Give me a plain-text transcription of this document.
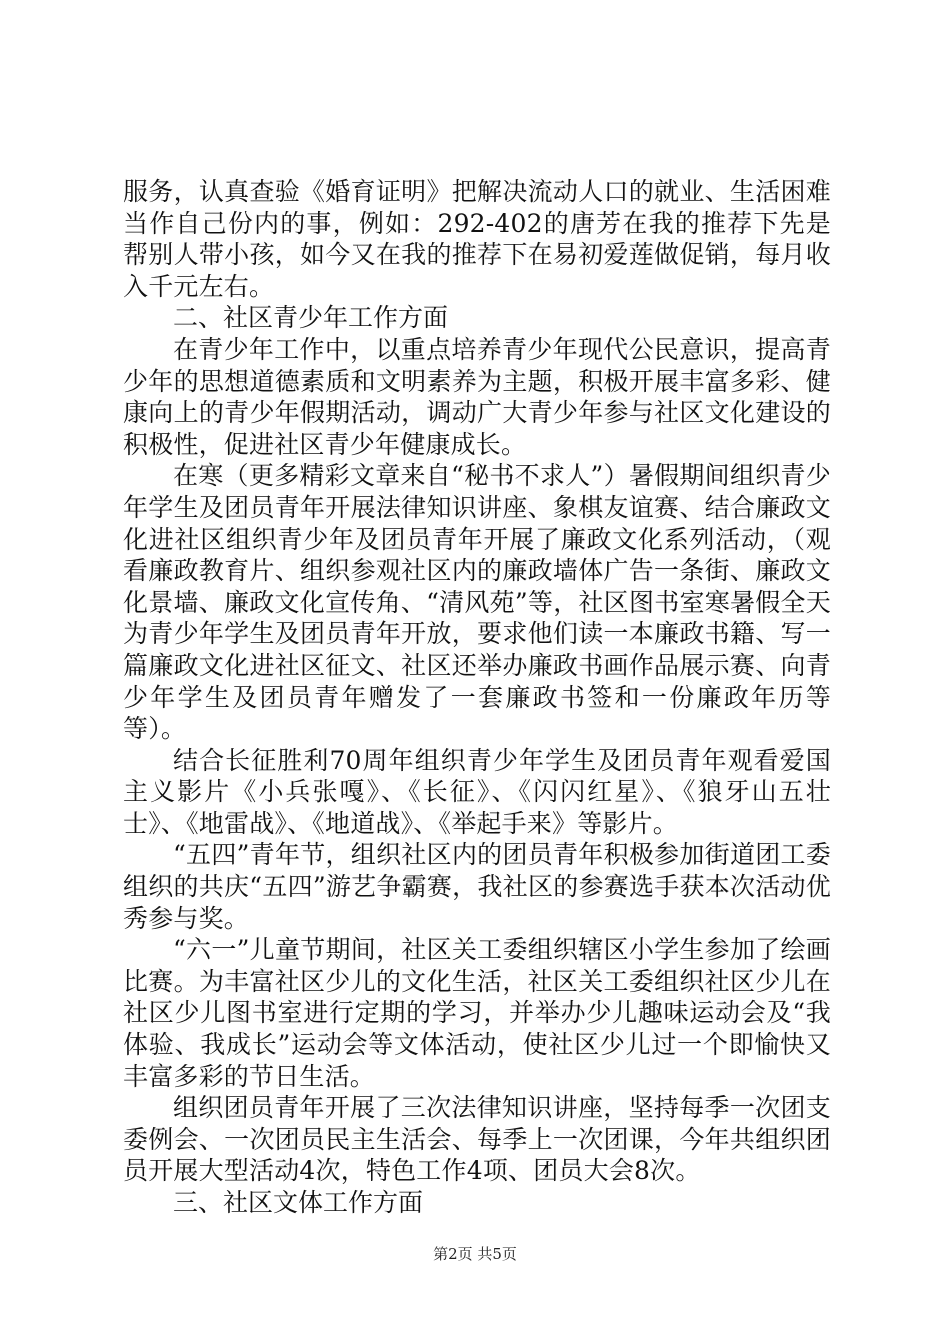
服务，认真查验《婚育证明》把解决流动人口的就业、生活困难当作自己份内的事，例如：292-402的唐芳在我的推荐下先是帮别人带小孩，如今又在我的推荐下在易初爱莲做促销，每月收入千元左右。

二、社区青少年工作方面

在青少年工作中，以重点培养青少年现代公民意识，提高青少年的思想道德素质和文明素养为主题，积极开展丰富多彩、健康向上的青少年假期活动，调动广大青少年参与社区文化建设的积极性，促进社区青少年健康成长。

在寒（更多精彩文章来自“秘书不求人”）暑假期间组织青少年学生及团员青年开展法律知识讲座、象棋友谊赛、结合廉政文化进社区组织青少年及团员青年开展了廉政文化系列活动，（观看廉政教育片、组织参观社区内的廉政墙体广告一条街、廉政文化景墙、廉政文化宣传角、“清风苑”等，社区图书室寒暑假全天为青少年学生及团员青年开放，要求他们读一本廉政书籍、写一篇廉政文化进社区征文、社区还举办廉政书画作品展示赛、向青少年学生及团员青年赠发了一套廉政书签和一份廉政年历等等）。

结合长征胜利70周年组织青少年学生及团员青年观看爱国主义影片《小兵张嘎》、《长征》、《闪闪红星》、《狼牙山五壮士》、《地雷战》、《地道战》、《举起手来》等影片。

“五四”青年节，组织社区内的团员青年积极参加街道团工委组织的共庆“五四”游艺争霸赛，我社区的参赛选手获本次活动优秀参与奖。

“六一”儿童节期间，社区关工委组织辖区小学生参加了绘画比赛。为丰富社区少儿的文化生活，社区关工委组织社区少儿在社区少儿图书室进行定期的学习，并举办少儿趣味运动会及“我体验、我成长”运动会等文体活动，使社区少儿过一个即愉快又丰富多彩的节日生活。

组织团员青年开展了三次法律知识讲座，坚持每季一次团支委例会、一次团员民主生活会、每季上一次团课，今年共组织团员开展大型活动4次，特色工作4项、团员大会8次。

三、社区文体工作方面

第2页 共5页
